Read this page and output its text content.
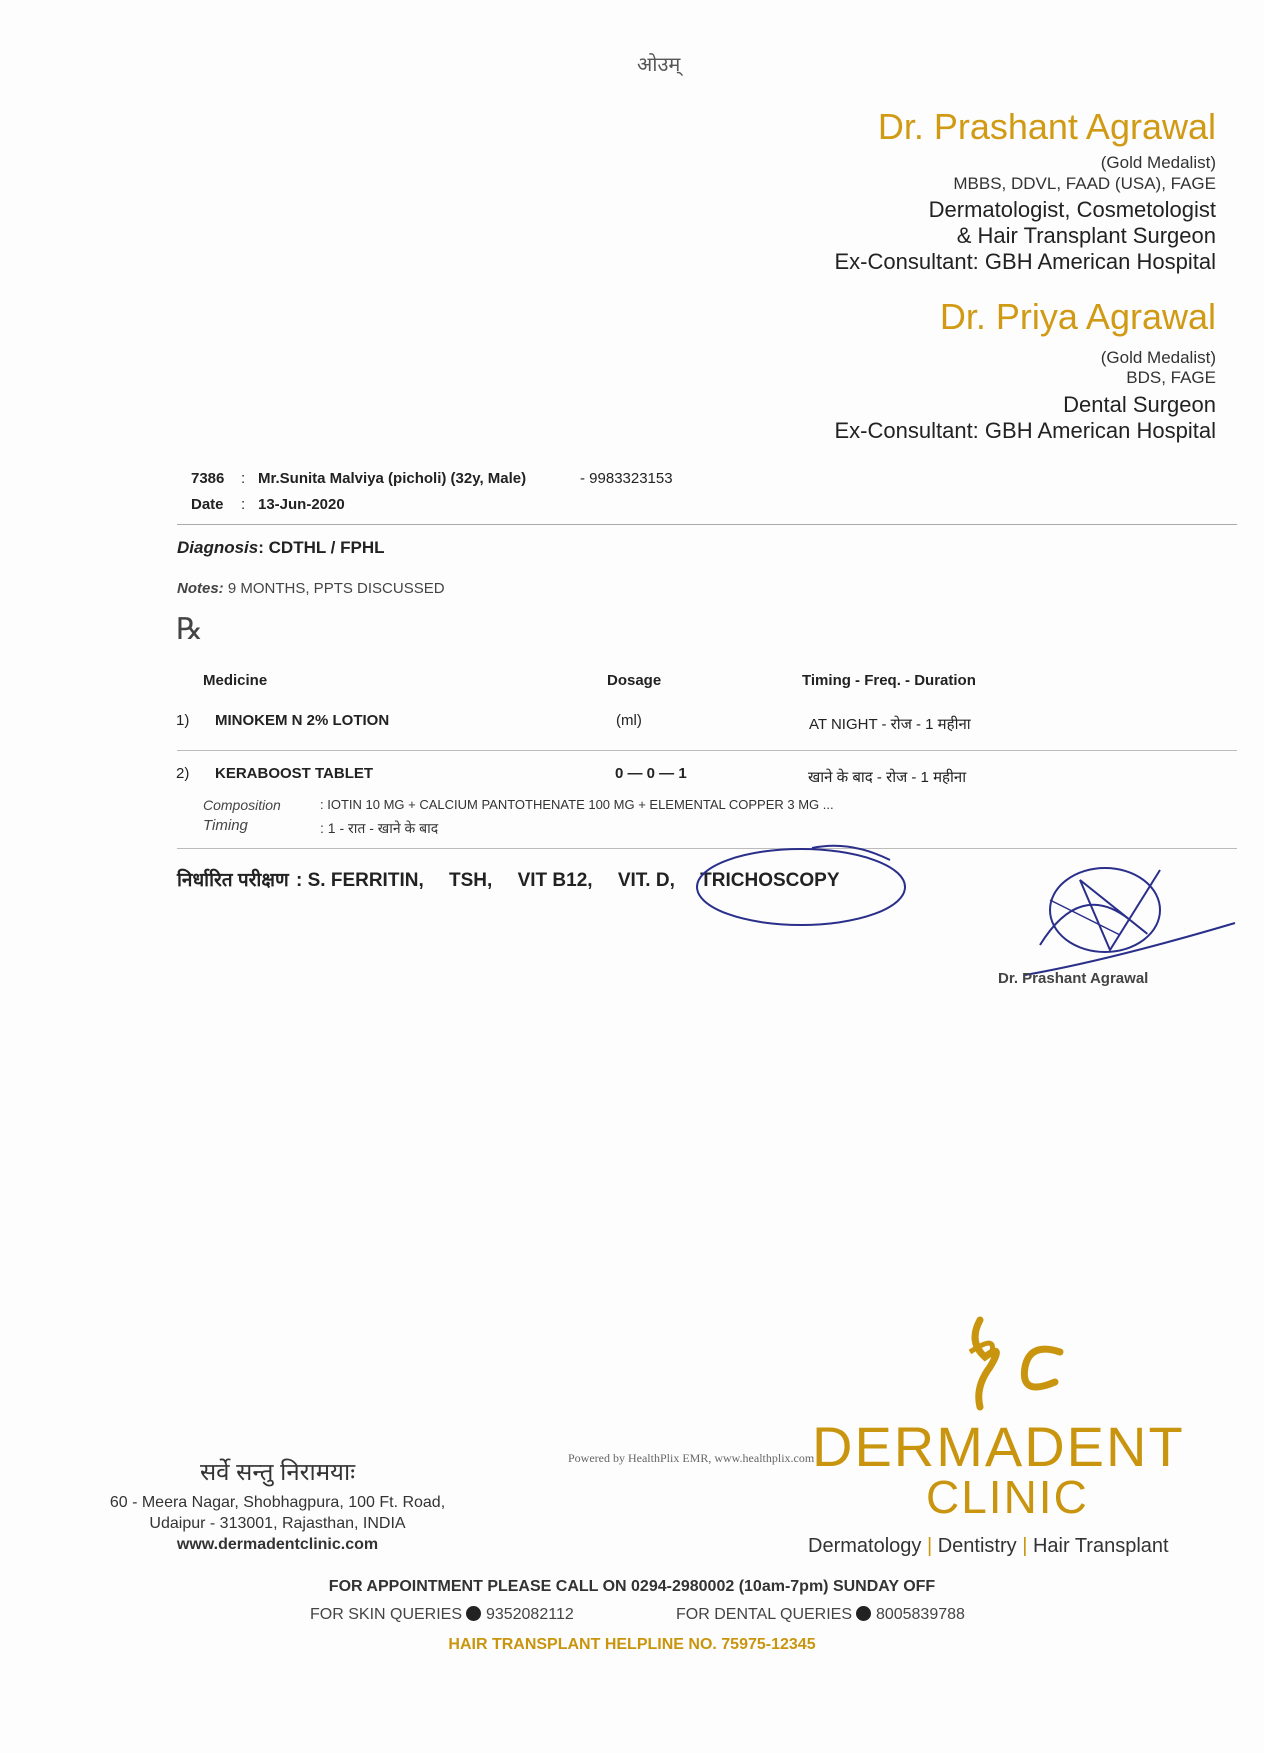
ओउम्
Dr. Prashant Agrawal
(Gold Medalist)
MBBS, DDVL, FAAD (USA), FAGE
Dermatologist, Cosmetologist
& Hair Transplant Surgeon
Ex-Consultant: GBH American Hospital
Dr. Priya Agrawal
(Gold Medalist)
BDS, FAGE
Dental Surgeon
Ex-Consultant: GBH American Hospital
7386 : Mr.Sunita Malviya (picholi) (32y, Male)	- 9983323153
Date : 13-Jun-2020
Diagnosis: CDTHL / FPHL
Notes: 9 MONTHS, PPTS DISCUSSED
℞
Medicine	Dosage	Timing - Freq. - Duration
1) MINOKEM N 2% LOTION	(ml)	AT NIGHT - रोज - 1 महीना
2) KERABOOST TABLET	0 — 0 — 1	खाने के बाद - रोज - 1 महीना
Composition	: IOTIN 10 MG + CALCIUM PANTOTHENATE 100 MG + ELEMENTAL COPPER 3 MG ...
Timing	: 1 - रात - खाने के बाद
निर्धारित परीक्षण : S. FERRITIN, TSH, VIT B12, VIT. D, TRICHOSCOPY
Dr. Prashant Agrawal
Powered by HealthPlix EMR, www.healthplix.com
DERMADENT
CLINIC
Dermatology | Dentistry | Hair Transplant
सर्वे सन्तु निरामयाः
60 - Meera Nagar, Shobhagpura, 100 Ft. Road,
Udaipur - 313001, Rajasthan, INDIA
www.dermadentclinic.com
FOR APPOINTMENT PLEASE CALL ON 0294-2980002 (10am-7pm) SUNDAY OFF
FOR SKIN QUERIES 9352082112	FOR DENTAL QUERIES 8005839788
HAIR TRANSPLANT HELPLINE NO. 75975-12345
